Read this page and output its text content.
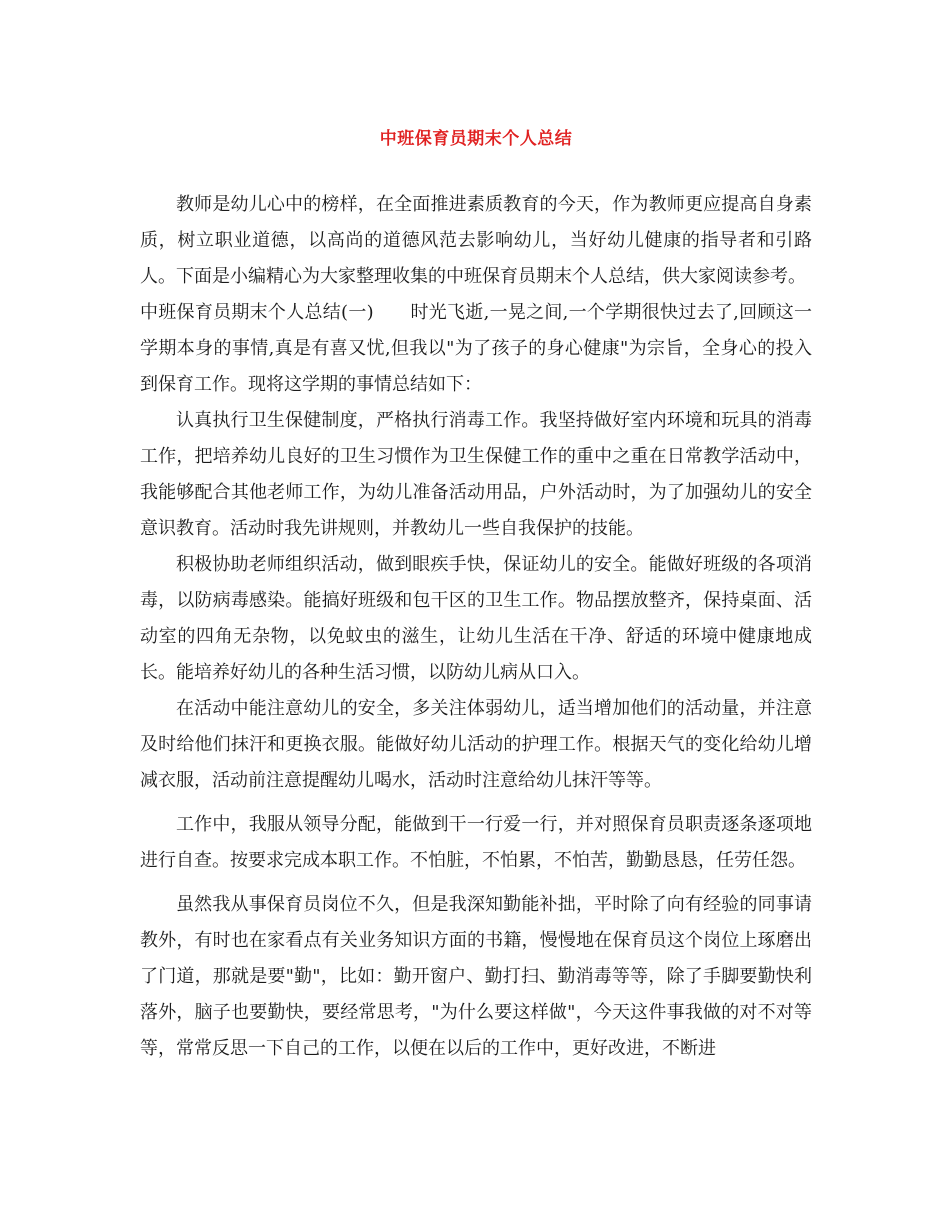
中班保育员期末个人总结

教师是幼儿心中的榜样，在全面推进素质教育的今天，作为教师更应提高自身素质，树立职业道德，以高尚的道德风范去影响幼儿，当好幼儿健康的指导者和引路人。下面是小编精心为大家整理收集的中班保育员期末个人总结，供大家阅读参考。

中班保育员期末个人总结(一)　　时光飞逝,一晃之间,一个学期很快过去了,回顾这一学期本身的事情,真是有喜又忧,但我以"为了孩子的身心健康"为宗旨，全身心的投入到保育工作。现将这学期的事情总结如下：

认真执行卫生保健制度，严格执行消毒工作。我坚持做好室内环境和玩具的消毒工作，把培养幼儿良好的卫生习惯作为卫生保健工作的重中之重在日常教学活动中，我能够配合其他老师工作，为幼儿准备活动用品，户外活动时，为了加强幼儿的安全意识教育。活动时我先讲规则，并教幼儿一些自我保护的技能。

积极协助老师组织活动，做到眼疾手快，保证幼儿的安全。能做好班级的各项消毒，以防病毒感染。能搞好班级和包干区的卫生工作。物品摆放整齐，保持桌面、活动室的四角无杂物，以免蚊虫的滋生，让幼儿生活在干净、舒适的环境中健康地成长。能培养好幼儿的各种生活习惯，以防幼儿病从口入。

在活动中能注意幼儿的安全，多关注体弱幼儿，适当增加他们的活动量，并注意及时给他们抹汗和更换衣服。能做好幼儿活动的护理工作。根据天气的变化给幼儿增减衣服，活动前注意提醒幼儿喝水，活动时注意给幼儿抹汗等等。

工作中，我服从领导分配，能做到干一行爱一行，并对照保育员职责逐条逐项地进行自查。按要求完成本职工作。不怕脏，不怕累，不怕苦，勤勤恳恳，任劳任怨。

虽然我从事保育员岗位不久，但是我深知勤能补拙，平时除了向有经验的同事请教外，有时也在家看点有关业务知识方面的书籍，慢慢地在保育员这个岗位上琢磨出了门道，那就是要"勤"，比如：勤开窗户、勤打扫、勤消毒等等，除了手脚要勤快利落外，脑子也要勤快，要经常思考，"为什么要这样做"，今天这件事我做的对不对等等，常常反思一下自己的工作，以便在以后的工作中，更好改进，不断进
